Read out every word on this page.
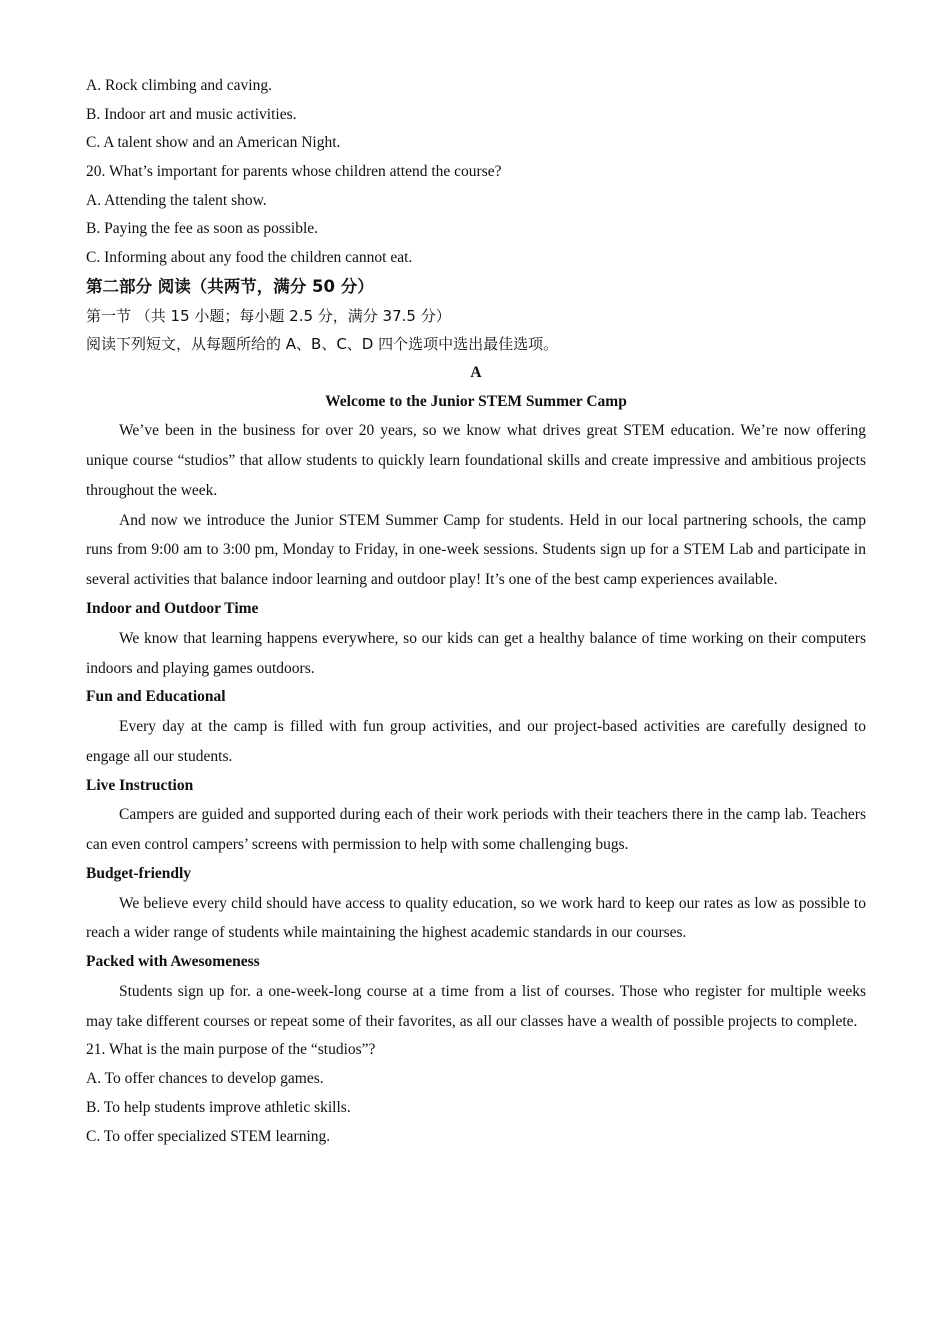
A. Rock climbing and caving.
B. Indoor art and music activities.
C. A talent show and an American Night.
20. What’s important for parents whose children attend the course?
A. Attending the talent show.
B. Paying the fee as soon as possible.
C. Informing about any food the children cannot eat.
第二部分 阅读（共两节，满分 50 分）
第一节 （共 15 小题；每小题 2.5 分，满分 37.5 分）
阅读下列短文，从每题所给的 A、B、C、D 四个选项中选出最佳选项。
A
Welcome to the Junior STEM Summer Camp
We’ve been in the business for over 20 years, so we know what drives great STEM education. We’re now offering unique course “studios” that allow students to quickly learn foundational skills and create impressive and ambitious projects throughout the week.
And now we introduce the Junior STEM Summer Camp for students. Held in our local partnering schools, the camp runs from 9:00 am to 3:00 pm, Monday to Friday, in one-week sessions. Students sign up for a STEM Lab and participate in several activities that balance indoor learning and outdoor play! It’s one of the best camp experiences available.
Indoor and Outdoor Time
We know that learning happens everywhere, so our kids can get a healthy balance of time working on their computers indoors and playing games outdoors.
Fun and Educational
Every day at the camp is filled with fun group activities, and our project-based activities are carefully designed to engage all our students.
Live Instruction
Campers are guided and supported during each of their work periods with their teachers there in the camp lab. Teachers can even control campers’ screens with permission to help with some challenging bugs.
Budget-friendly
We believe every child should have access to quality education, so we work hard to keep our rates as low as possible to reach a wider range of students while maintaining the highest academic standards in our courses.
Packed with Awesomeness
Students sign up for. a one-week-long course at a time from a list of courses. Those who register for multiple weeks may take different courses or repeat some of their favorites, as all our classes have a wealth of possible projects to complete.
21. What is the main purpose of the “studios”?
A. To offer chances to develop games.
B. To help students improve athletic skills.
C. To offer specialized STEM learning.
